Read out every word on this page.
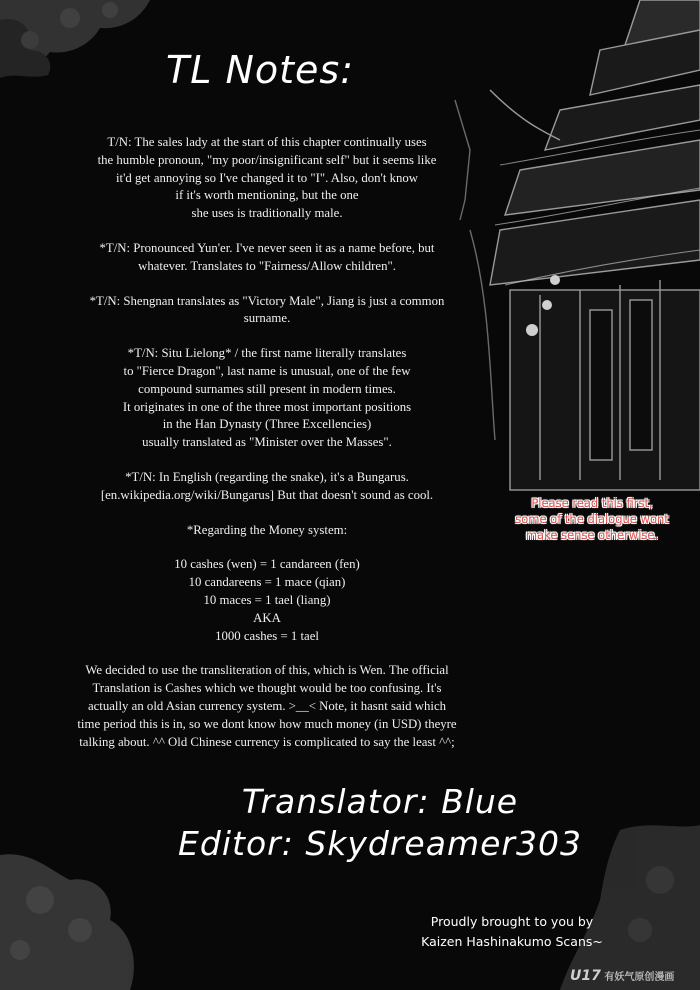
TL Notes:

T/N: The sales lady at the start of this chapter continually uses
the humble pronoun, "my poor/insignificant self" but it seems like
it'd get annoying so I've changed it to "I". Also, don't know
if it's worth mentioning, but the one
she uses is traditionally male.

*T/N: Pronounced Yun'er. I've never seen it as a name before, but
whatever. Translates to "Fairness/Allow children".

*T/N: Shengnan translates as "Victory Male", Jiang is just a common
surname.

*T/N: Situ Lielong* / the first name literally translates
to "Fierce Dragon", last name is unusual, one of the few
compound surnames still present in modern times.
It originates in one of the three most important positions
in the Han Dynasty (Three Excellencies)
usually translated as "Minister over the Masses".

*T/N: In English (regarding the snake), it's a Bungarus.
[en.wikipedia.org/wiki/Bungarus] But that doesn't sound as cool.

*Regarding the Money system:

10 cashes (wen) = 1 candareen (fen)
10 candareens = 1 mace (qian)
10 maces = 1 tael (liang)
AKA
1000 cashes = 1 tael

We decided to use the transliteration of this, which is Wen. The official
Translation is Cashes which we thought would be too confusing. It's
actually an old Asian currency system. >__< Note, it hasnt said which
time period this is in, so we dont know how much money (in USD) theyre
talking about. ^^ Old Chinese currency is complicated to say the least ^^;

Please read this first,
some of the dialogue wont
make sense otherwise.
Translator: Blue
Editor: Skydreamer303
Proudly brought to you by
Kaizen Hashinakumo Scans~
U17 有妖气原创漫画
